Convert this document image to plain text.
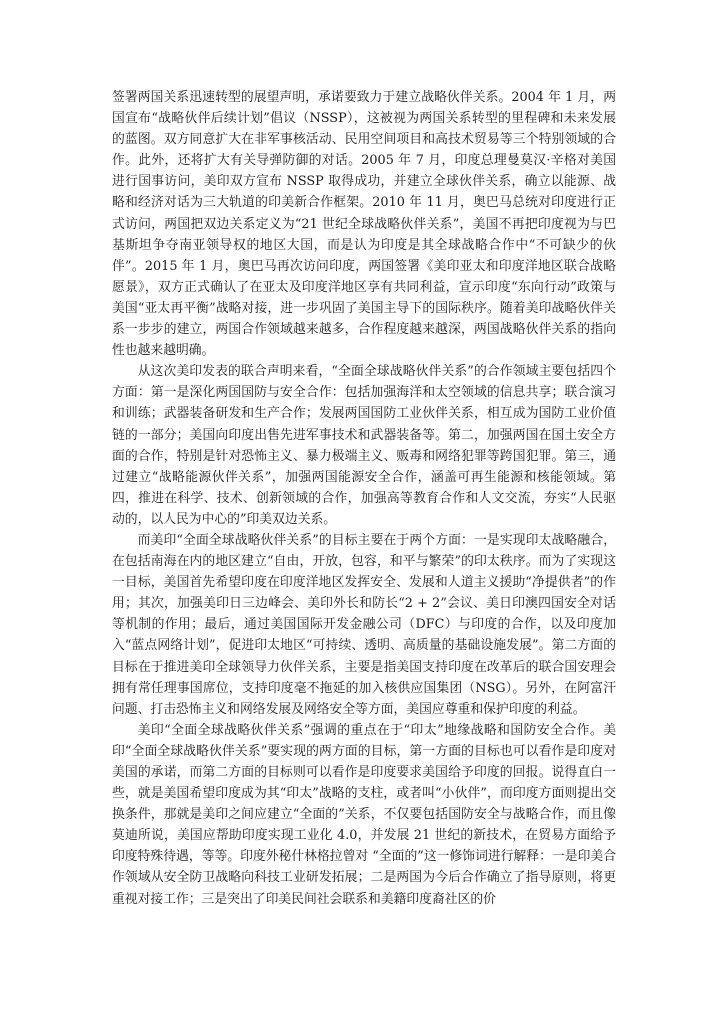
签署两国关系迅速转型的展望声明，承诺要致力于建立战略伙伴关系。2004 年 1 月，两国宣布“战略伙伴后续计划”倡议（NSSP），这被视为两国关系转型的里程碑和未来发展的蓝图。双方同意扩大在非军事核活动、民用空间项目和高技术贸易等三个特别领域的合作。此外，还将扩大有关导弹防御的对话。2005 年 7 月，印度总理曼莫汉·辛格对美国进行国事访问，美印双方宣布 NSSP 取得成功，并建立全球伙伴关系，确立以能源、战略和经济对话为三大轨道的印美新合作框架。2010 年 11 月，奥巴马总统对印度进行正式访问，两国把双边关系定义为“21 世纪全球战略伙伴关系”，美国不再把印度视为与巴基斯坦争夺南亚领导权的地区大国，而是认为印度是其全球战略合作中“不可缺少的伙伴”。2015 年 1 月，奥巴马再次访问印度，两国签署《美印亚太和印度洋地区联合战略愿景》，双方正式确认了在亚太及印度洋地区享有共同利益，宣示印度“东向行动”政策与美国“亚太再平衡”战略对接，进一步巩固了美国主导下的国际秩序。随着美印战略伙伴关系一步步的建立，两国合作领域越来越多，合作程度越来越深，两国战略伙伴关系的指向性也越来越明确。

从这次美印发表的联合声明来看，“全面全球战略伙伴关系”的合作领域主要包括四个方面：第一是深化两国国防与安全合作：包括加强海洋和太空领域的信息共享；联合演习和训练；武器装备研发和生产合作；发展两国国防工业伙伴关系，相互成为国防工业价值链的一部分；美国向印度出售先进军事技术和武器装备等。第二，加强两国在国土安全方面的合作，特别是针对恐怖主义、暴力极端主义、贩毒和网络犯罪等跨国犯罪。第三，通过建立“战略能源伙伴关系”，加强两国能源安全合作，涵盖可再生能源和核能领域。第四，推进在科学、技术、创新领域的合作，加强高等教育合作和人文交流，夯实“人民驱动的，以人民为中心的”印美双边关系。

而美印“全面全球战略伙伴关系”的目标主要在于两个方面：一是实现印太战略融合，在包括南海在内的地区建立“自由，开放，包容，和平与繁荣”的印太秩序。而为了实现这一目标，美国首先希望印度在印度洋地区发挥安全、发展和人道主义援助“净提供者”的作用；其次，加强美印日三边峰会、美印外长和防长“2 + 2”会议、美日印澳四国安全对话等机制的作用；最后，通过美国国际开发金融公司（DFC）与印度的合作，以及印度加入“蓝点网络计划”，促进印太地区“可持续、透明、高质量的基础设施发展”。第二方面的目标在于推进美印全球领导力伙伴关系，主要是指美国支持印度在改革后的联合国安理会拥有常任理事国席位，支持印度毫不拖延的加入核供应国集团（NSG）。另外，在阿富汗问题、打击恐怖主义和网络发展及网络安全等方面，美国应尊重和保护印度的利益。

美印“全面全球战略伙伴关系”强调的重点在于“印太”地缘战略和国防安全合作。美印“全面全球战略伙伴关系”要实现的两方面的目标，第一方面的目标也可以看作是印度对美国的承诺，而第二方面的目标则可以看作是印度要求美国给予印度的回报。说得直白一些，就是美国希望印度成为其“印太”战略的支柱，或者叫“小伙伴”，而印度方面则提出交换条件，那就是美印之间应建立“全面的”关系，不仅要包括国防安全与战略合作，而且像莫迪所说，美国应帮助印度实现工业化 4.0，并发展 21 世纪的新技术，在贸易方面给予印度特殊待遇，等等。印度外秘什林格拉曾对 “全面的”这一修饰词进行解释：一是印美合作领域从安全防卫战略向科技工业研发拓展；二是两国为今后合作确立了指导原则，将更重视对接工作；三是突出了印美民间社会联系和美籍印度裔社区的价
